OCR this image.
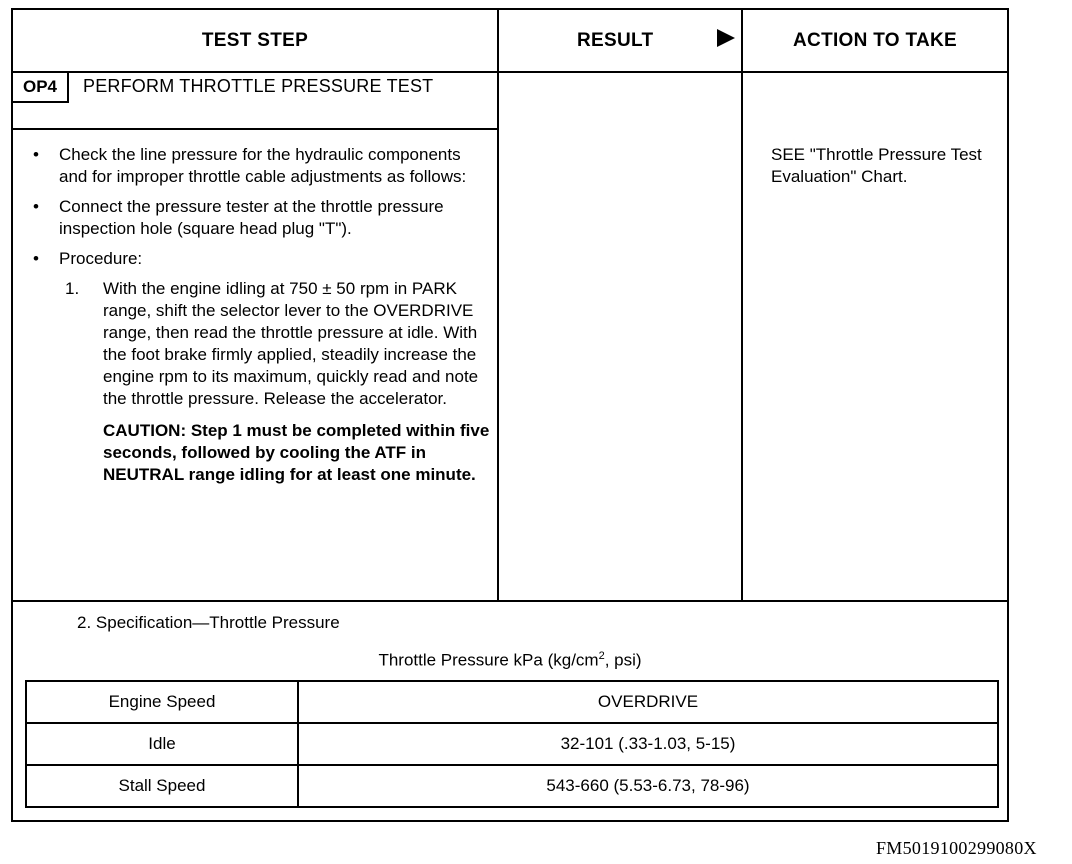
TEST STEP	RESULT	ACTION TO TAKE
OP4	PERFORM THROTTLE PRESSURE TEST
• Check the line pressure for the hydraulic components and for improper throttle cable adjustments as follows:
• Connect the pressure tester at the throttle pressure inspection hole (square head plug "T").
• Procedure:
1. With the engine idling at 750 ± 50 rpm in PARK range, shift the selector lever to the OVERDRIVE range, then read the throttle pressure at idle. With the foot brake firmly applied, steadily increase the engine rpm to its maximum, quickly read and note the throttle pressure. Release the accelerator.
CAUTION: Step 1 must be completed within five seconds, followed by cooling the ATF in NEUTRAL range idling for at least one minute.
SEE "Throttle Pressure Test Evaluation" Chart.
2. Specification—Throttle Pressure
Throttle Pressure kPa ($kg/cm^2$, psi)
Engine Speed	OVERDRIVE
Idle	32-101 (.33-1.03, 5-15)
Stall Speed	543-660 (5.53-6.73, 78-96)
FM5019100299080X
